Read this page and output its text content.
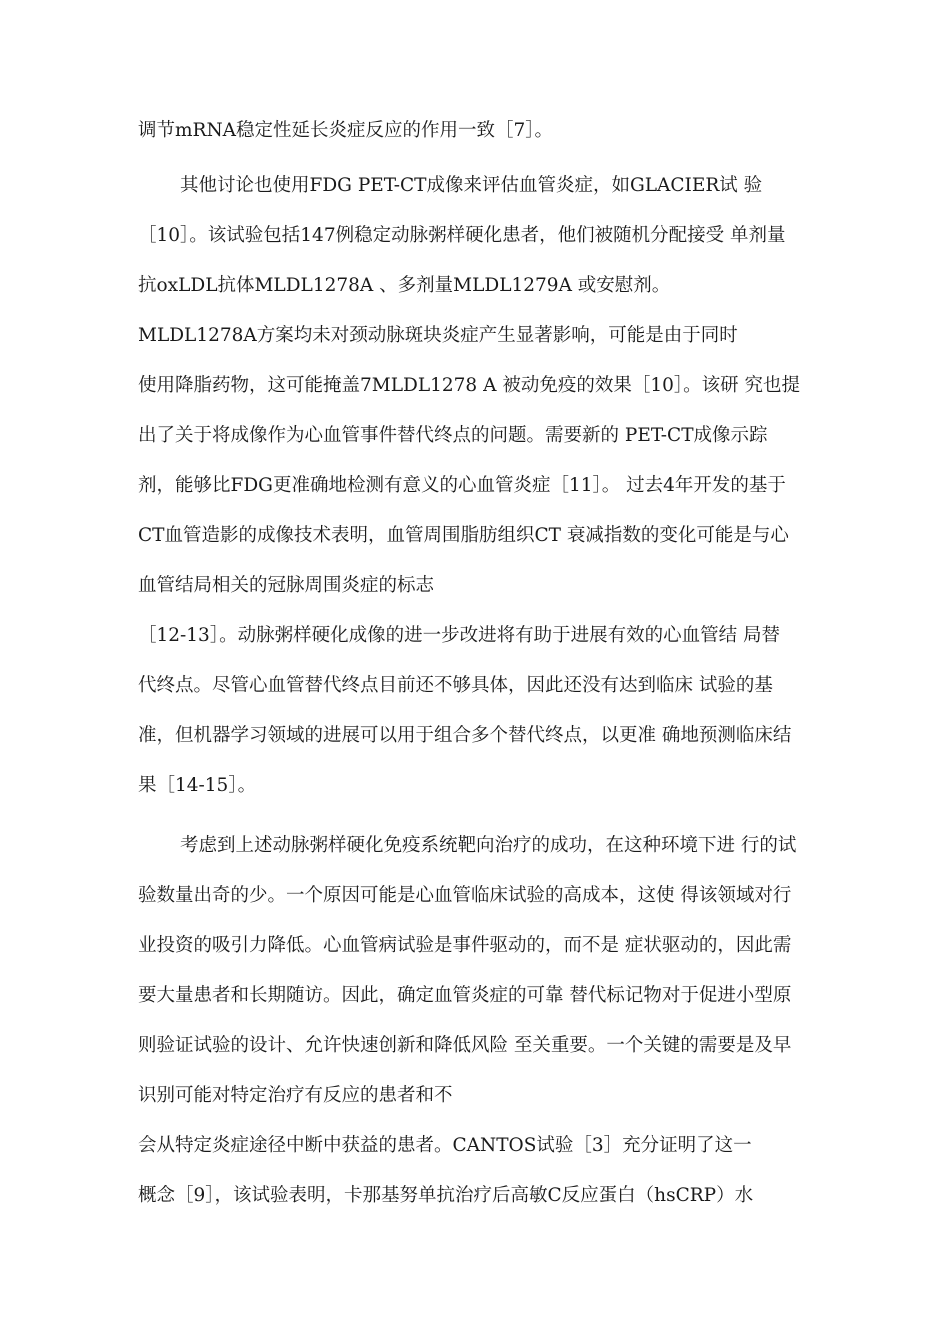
调节mRNA稳定性延长炎症反应的作用一致［7］。

其他讨论也使用FDG PET-CT成像来评估血管炎症，如GLACIER试 验

［10］。该试验包括147例稳定动脉粥样硬化患者，他们被随机分配接受 单剂量

抗oxLDL抗体MLDL1278A 、多剂量MLDL1279A 或安慰剂。

MLDL1278A方案均未对颈动脉斑块炎症产生显著影响，可能是由于同时

使用降脂药物，这可能掩盖7MLDL1278 A 被动免疫的效果［10］。该研 究也提

出了关于将成像作为心血管事件替代终点的问题。需要新的 PET-CT成像示踪

剂，能够比FDG更准确地检测有意义的心血管炎症［11］。 过去4年开发的基于

CT血管造影的成像技术表明，血管周围脂肪组织CT 衰减指数的变化可能是与心

血管结局相关的冠脉周围炎症的标志

［12-13］。动脉粥样硬化成像的进一步改进将有助于进展有效的心血管结 局替

代终点。尽管心血管替代终点目前还不够具体，因此还没有达到临床 试验的基

准，但机器学习领域的进展可以用于组合多个替代终点，以更准 确地预测临床结

果［14-15］。

考虑到上述动脉粥样硬化免疫系统靶向治疗的成功，在这种环境下进 行的试

验数量出奇的少。一个原因可能是心血管临床试验的高成本，这使 得该领域对行

业投资的吸引力降低。心血管病试验是事件驱动的，而不是 症状驱动的，因此需

要大量患者和长期随访。因此，确定血管炎症的可靠 替代标记物对于促进小型原

则验证试验的设计、允许快速创新和降低风险 至关重要。一个关键的需要是及早

识别可能对特定治疗有反应的患者和不

会从特定炎症途径中断中获益的患者。CANTOS试验［3］充分证明了这一

概念［9］，该试验表明，卡那基努单抗治疗后高敏C反应蛋白（hsCRP）水
